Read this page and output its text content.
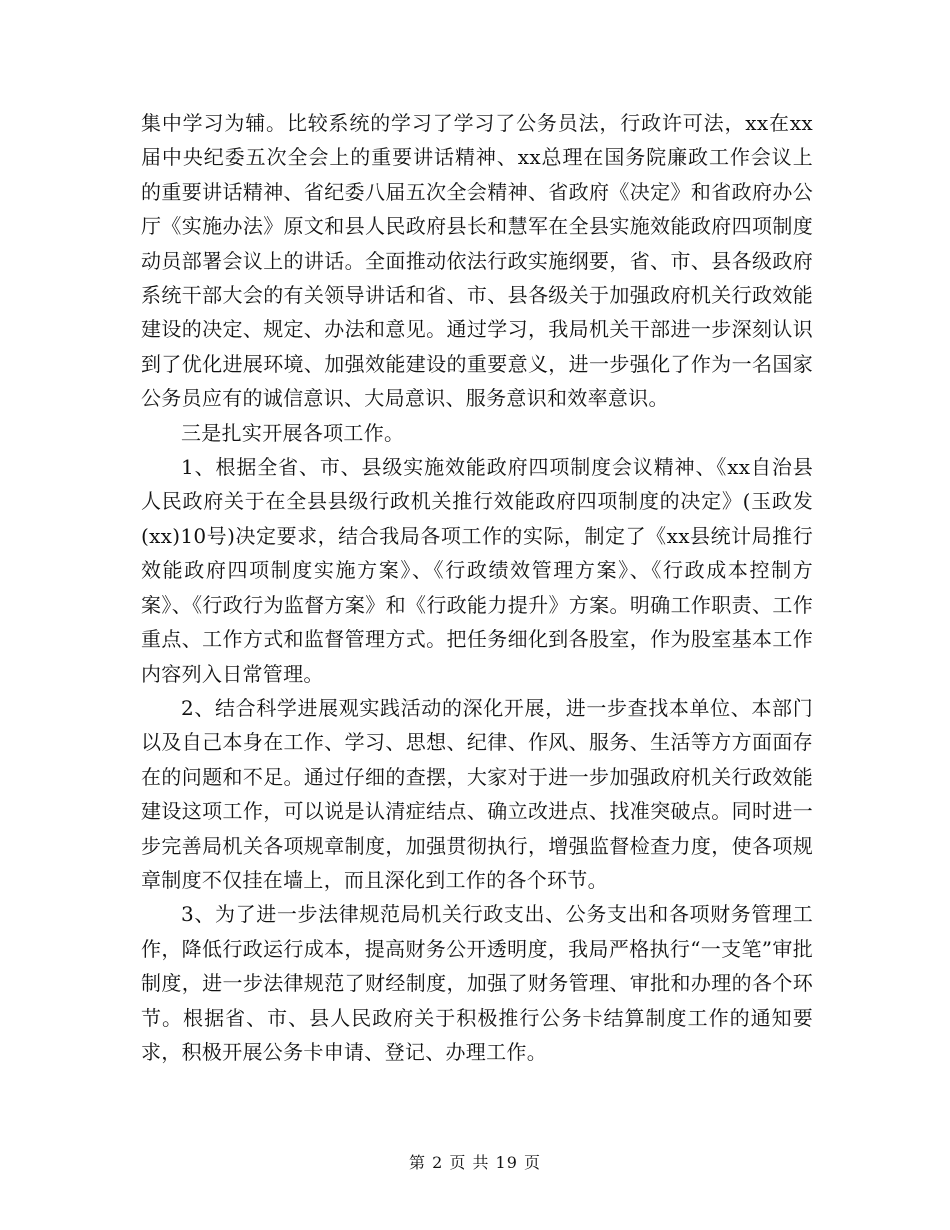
集中学习为辅。比较系统的学习了学习了公务员法，行政许可法，xx在xx届中央纪委五次全会上的重要讲话精神、xx总理在国务院廉政工作会议上的重要讲话精神、省纪委八届五次全会精神、省政府《决定》和省政府办公厅《实施办法》原文和县人民政府县长和慧军在全县实施效能政府四项制度动员部署会议上的讲话。全面推动依法行政实施纲要，省、市、县各级政府系统干部大会的有关领导讲话和省、市、县各级关于加强政府机关行政效能建设的决定、规定、办法和意见。通过学习，我局机关干部进一步深刻认识到了优化进展环境、加强效能建设的重要意义，进一步强化了作为一名国家公务员应有的诚信意识、大局意识、服务意识和效率意识。

三是扎实开展各项工作。

1、根据全省、市、县级实施效能政府四项制度会议精神、《xx自治县人民政府关于在全县县级行政机关推行效能政府四项制度的决定》(玉政发(xx)10号)决定要求，结合我局各项工作的实际，制定了《xx县统计局推行效能政府四项制度实施方案》、《行政绩效管理方案》、《行政成本控制方案》、《行政行为监督方案》和《行政能力提升》方案。明确工作职责、工作重点、工作方式和监督管理方式。把任务细化到各股室，作为股室基本工作内容列入日常管理。

2、结合科学进展观实践活动的深化开展，进一步查找本单位、本部门以及自己本身在工作、学习、思想、纪律、作风、服务、生活等方方面面存在的问题和不足。通过仔细的查摆，大家对于进一步加强政府机关行政效能建设这项工作，可以说是认清症结点、确立改进点、找准突破点。同时进一步完善局机关各项规章制度，加强贯彻执行，增强监督检查力度，使各项规章制度不仅挂在墙上，而且深化到工作的各个环节。

3、为了进一步法律规范局机关行政支出、公务支出和各项财务管理工作，降低行政运行成本，提高财务公开透明度，我局严格执行“一支笔”审批制度，进一步法律规范了财经制度，加强了财务管理、审批和办理的各个环节。根据省、市、县人民政府关于积极推行公务卡结算制度工作的通知要求，积极开展公务卡申请、登记、办理工作。

第 2 页 共 19 页
